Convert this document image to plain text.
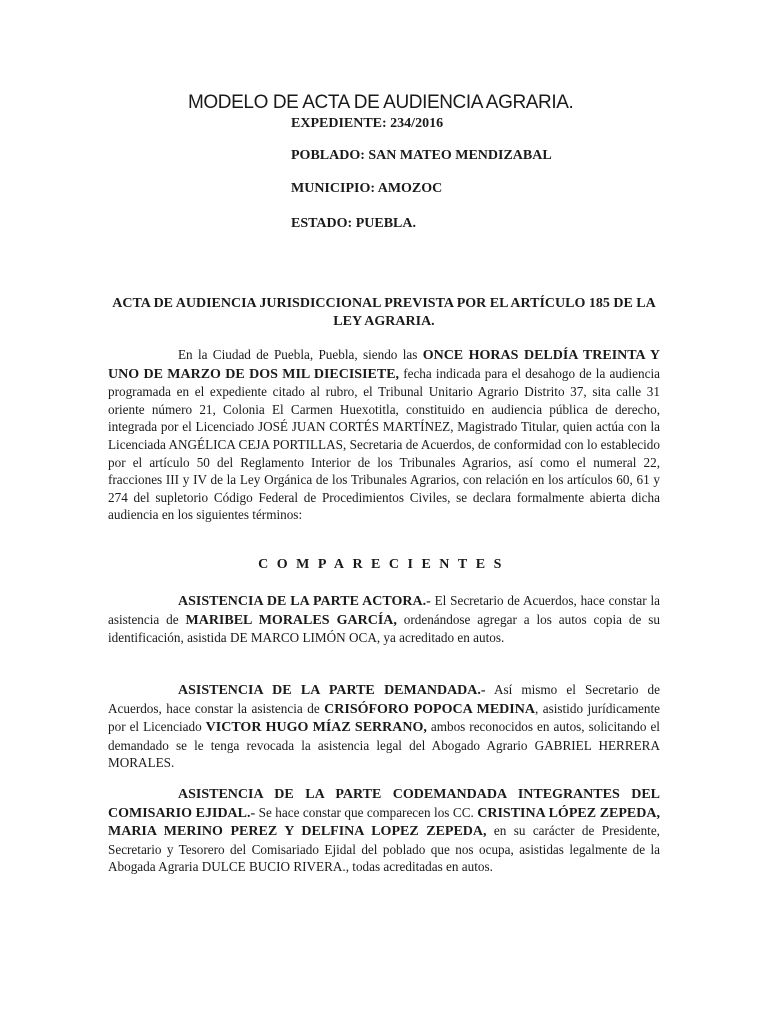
MODELO DE ACTA DE AUDIENCIA AGRARIA.
EXPEDIENTE: 234/2016
POBLADO: SAN MATEO MENDIZABAL
MUNICIPIO: AMOZOC
ESTADO: PUEBLA.
ACTA DE AUDIENCIA JURISDICCIONAL PREVISTA POR EL ARTÍCULO 185 DE LA LEY AGRARIA.

En la Ciudad de Puebla, Puebla, siendo las ONCE HORAS DELDÍA TREINTA Y UNO DE MARZO DE DOS MIL DIECISIETE, fecha indicada para el desahogo de la audiencia programada en el expediente citado al rubro, el Tribunal Unitario Agrario Distrito 37, sita calle 31 oriente número 21, Colonia El Carmen Huexotitla, constituido en audiencia pública de derecho, integrada por el Licenciado JOSÉ JUAN CORTÉS MARTÍNEZ, Magistrado Titular, quien actúa con la Licenciada ANGÉLICA CEJA PORTILLAS, Secretaria de Acuerdos, de conformidad con lo establecido por el artículo 50 del Reglamento Interior de los Tribunales Agrarios, así como el numeral 22, fracciones III y IV de la Ley Orgánica de los Tribunales Agrarios, con relación en los artículos 60, 61 y 274 del supletorio Código Federal de Procedimientos Civiles, se declara formalmente abierta dicha audiencia en los siguientes términos:

COMPARECIENTES

ASISTENCIA DE LA PARTE ACTORA.- El Secretario de Acuerdos, hace constar la asistencia de MARIBEL MORALES GARCÍA, ordenándose agregar a los autos copia de su identificación, asistida DE MARCO LIMÓN OCA, ya acreditado en autos.

ASISTENCIA DE LA PARTE DEMANDADA.- Así mismo el Secretario de Acuerdos, hace constar la asistencia de CRISÓFORO POPOCA MEDINA, asistido jurídicamente por el Licenciado VICTOR HUGO MÍAZ SERRANO, ambos reconocidos en autos, solicitando el demandado se le tenga revocada la asistencia legal del Abogado Agrario GABRIEL HERRERA MORALES.

ASISTENCIA DE LA PARTE CODEMANDADA INTEGRANTES DEL COMISARIO EJIDAL.- Se hace constar que comparecen los CC. CRISTINA LÓPEZ ZEPEDA, MARIA MERINO PEREZ Y DELFINA LOPEZ ZEPEDA, en su carácter de Presidente, Secretario y Tesorero del Comisariado Ejidal del poblado que nos ocupa, asistidas legalmente de la Abogada Agraria DULCE BUCIO RIVERA., todas acreditadas en autos.
